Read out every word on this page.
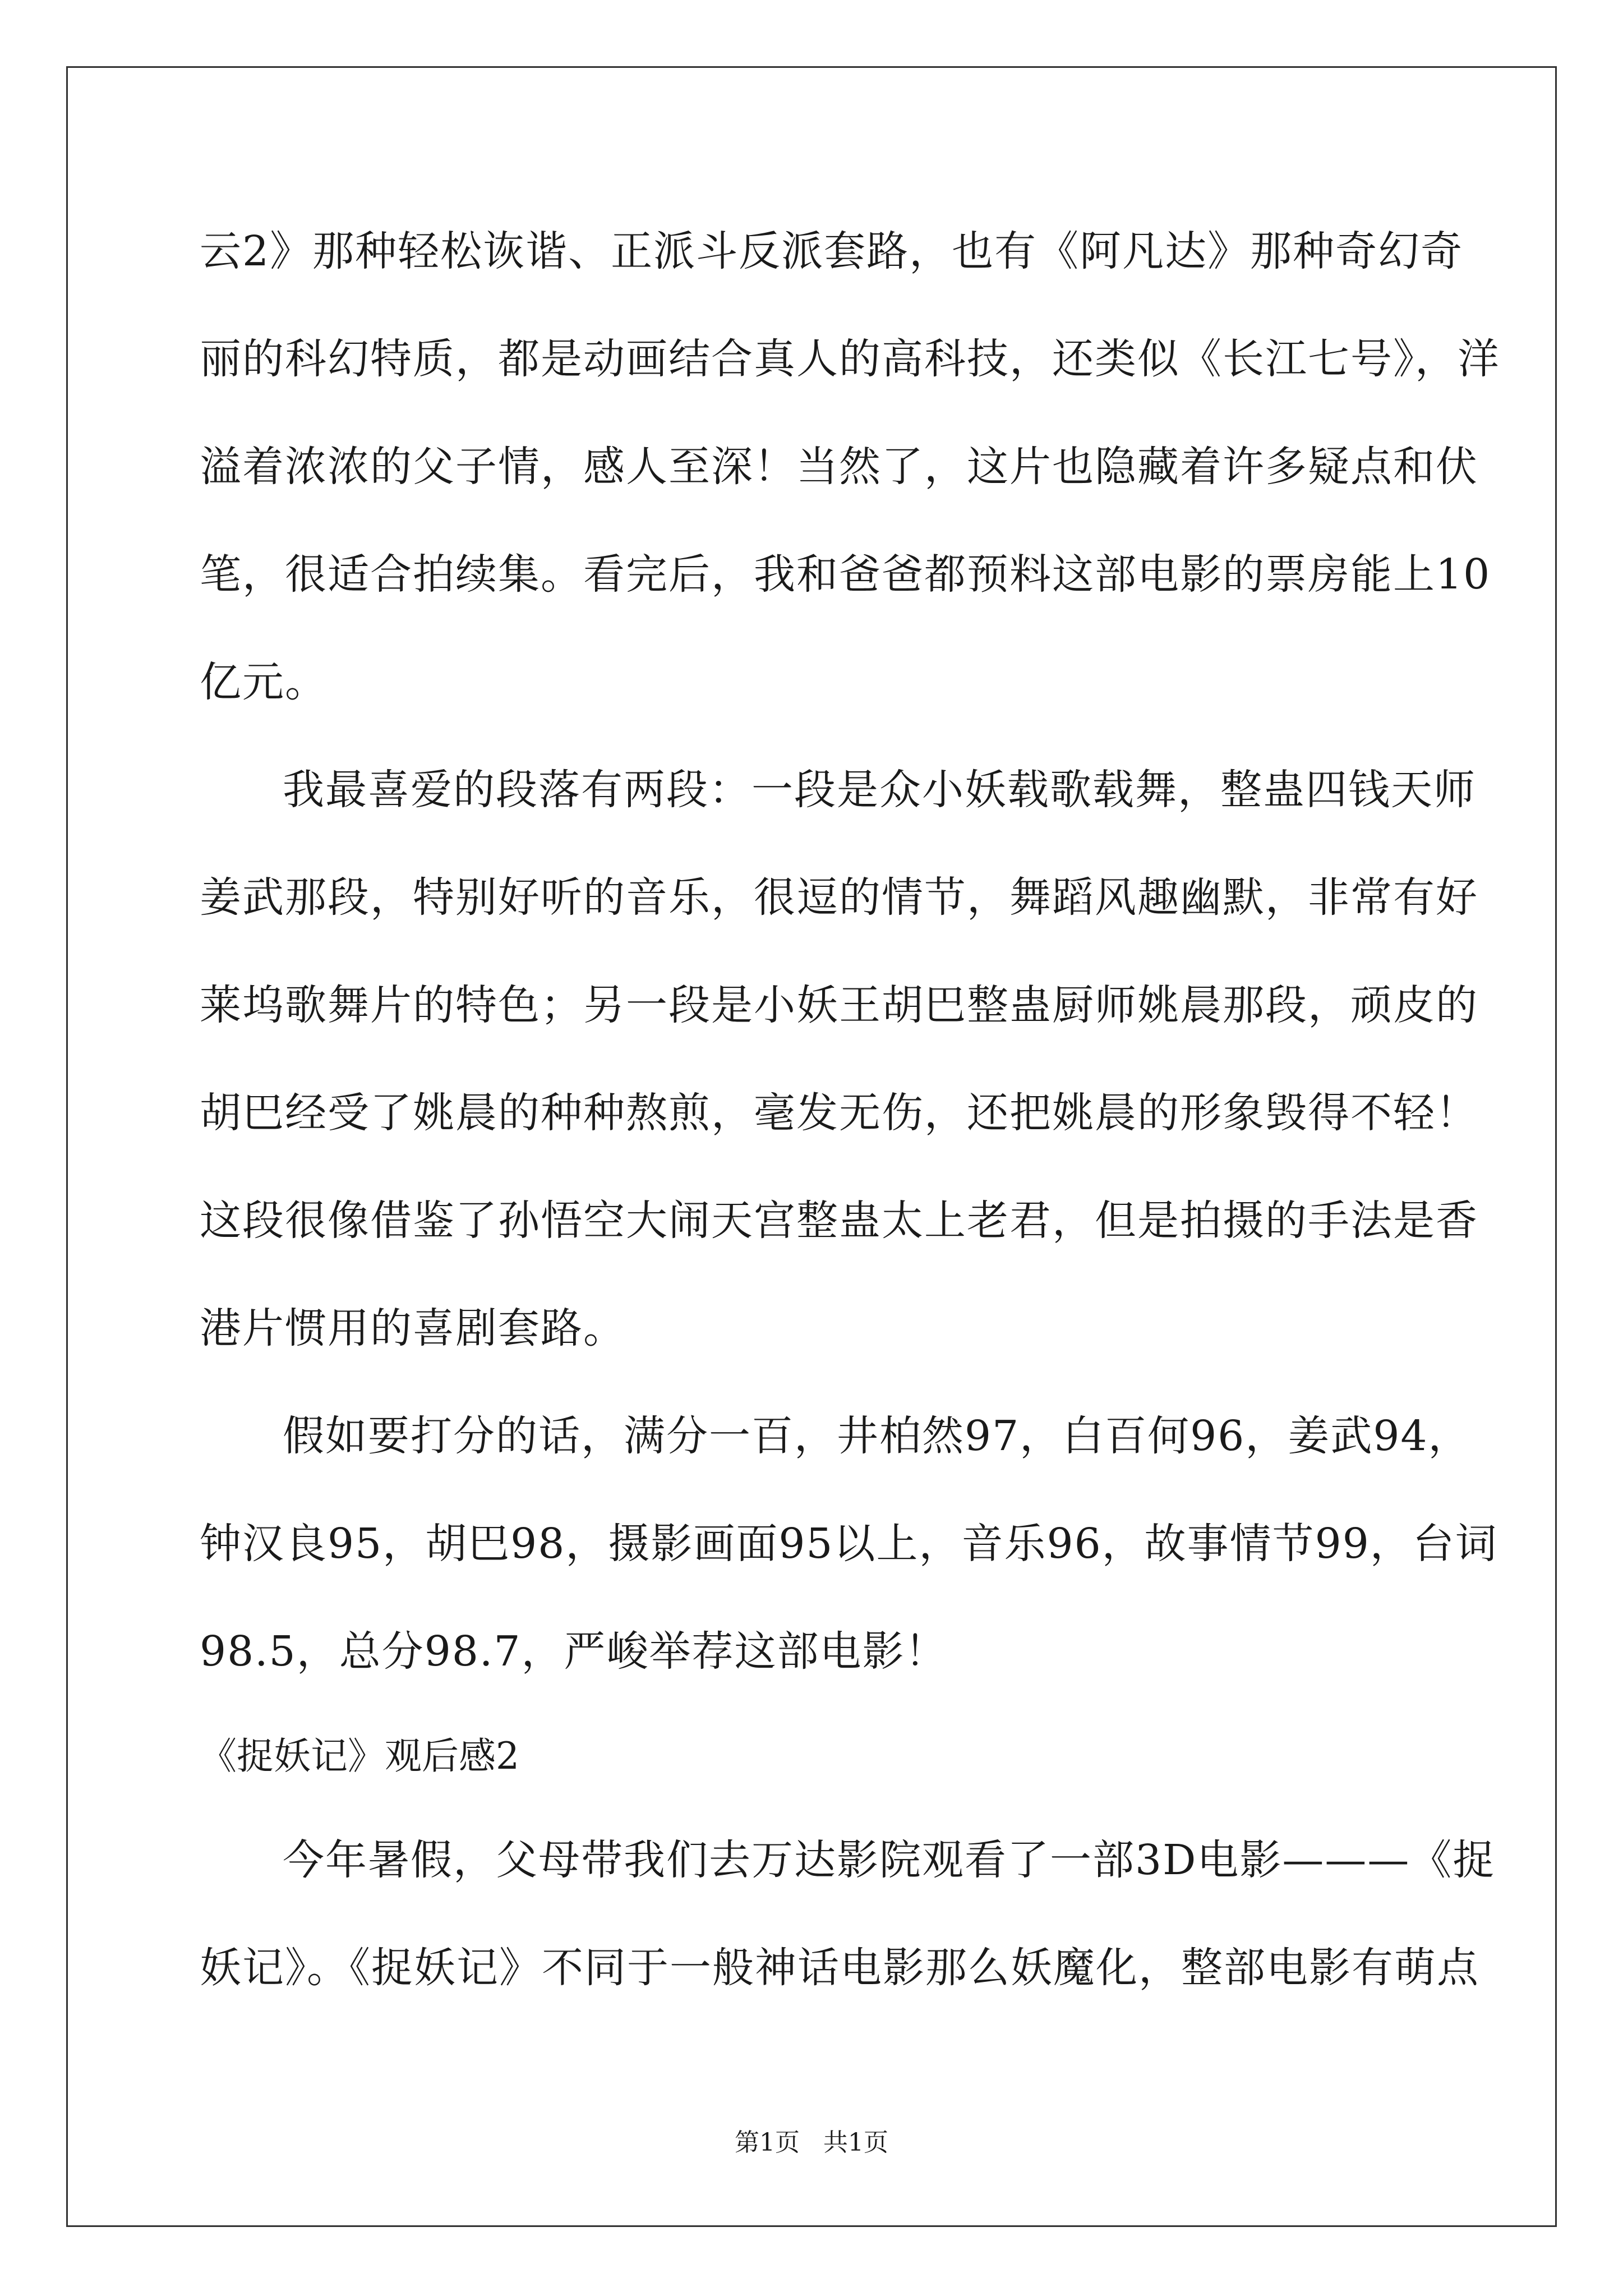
云2》那种轻松诙谐、正派斗反派套路，也有《阿凡达》那种奇幻奇
丽的科幻特质，都是动画结合真人的高科技，还类似《长江七号》，洋
溢着浓浓的父子情，感人至深！当然了，这片也隐藏着许多疑点和伏
笔，很适合拍续集。看完后，我和爸爸都预料这部电影的票房能上10
亿元。
我最喜爱的段落有两段：一段是众小妖载歌载舞，整蛊四钱天师
姜武那段，特别好听的音乐，很逗的情节，舞蹈风趣幽默，非常有好
莱坞歌舞片的特色；另一段是小妖王胡巴整蛊厨师姚晨那段，顽皮的
胡巴经受了姚晨的种种熬煎，毫发无伤，还把姚晨的形象毁得不轻！
这段很像借鉴了孙悟空大闹天宫整蛊太上老君，但是拍摄的手法是香
港片惯用的喜剧套路。
假如要打分的话，满分一百，井柏然97，白百何96，姜武94，
钟汉良95，胡巴98，摄影画面95以上，音乐96，故事情节99，台词
98.5，总分98.7，严峻举荐这部电影！
《捉妖记》观后感2
今年暑假，父母带我们去万达影院观看了一部3D电影———《捉
妖记》。《捉妖记》不同于一般神话电影那么妖魔化，整部电影有萌点
第1页 共1页
